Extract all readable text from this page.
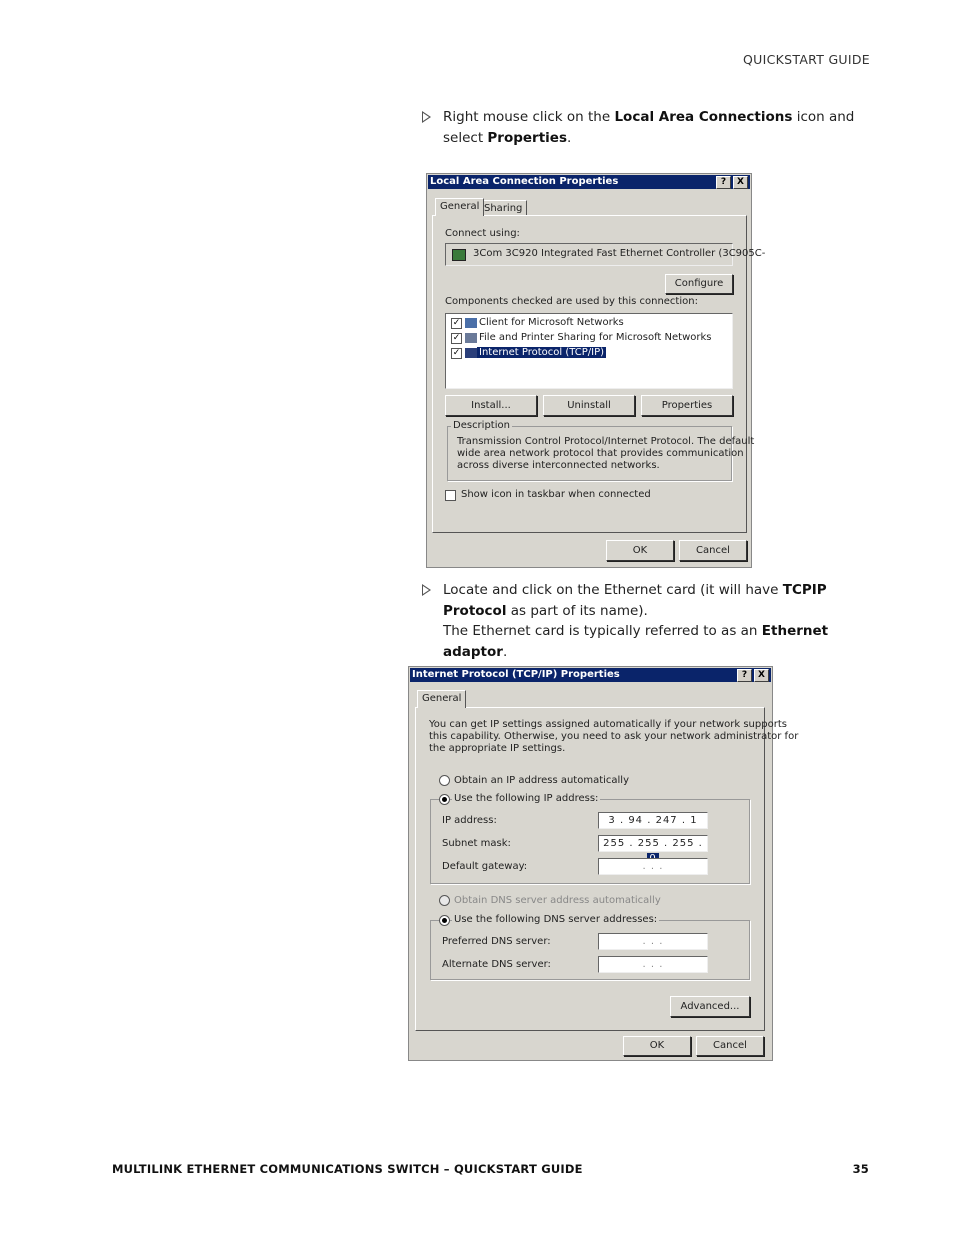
QUICKSTART GUIDE
Right mouse click on the Local Area Connections icon and select Properties.
Local Area Connection Properties	?	X
General Sharing
Connect using:
3Com 3C920 Integrated Fast Ethernet Controller (3C905C-
Configure
Components checked are used by this connection:
✓ Client for Microsoft Networks
✓ File and Printer Sharing for Microsoft Networks
✓ Internet Protocol (TCP/IP)
Install...	Uninstall	Properties
Description
Transmission Control Protocol/Internet Protocol. The default
wide area network protocol that provides communication
across diverse interconnected networks.
Show icon in taskbar when connected
OK	Cancel
Locate and click on the Ethernet card (it will have TCPIP Protocol as part of its name).
The Ethernet card is typically referred to as an Ethernet adaptor.
Internet Protocol (TCP/IP) Properties	?	X
General
You can get IP settings assigned automatically if your network supports
this capability. Otherwise, you need to ask your network administrator for
the appropriate IP settings.
Obtain an IP address automatically
Use the following IP address:
IP address:	3 . 94 . 247 . 1
Subnet mask:	255 . 255 . 255 .
Default gateway:	. . .
Obtain DNS server address automatically
Use the following DNS server addresses:
Preferred DNS server:	. . .
Alternate DNS server:	. . .
Advanced...
OK	Cancel
MULTILINK ETHERNET COMMUNICATIONS SWITCH – QUICKSTART GUIDE	35
